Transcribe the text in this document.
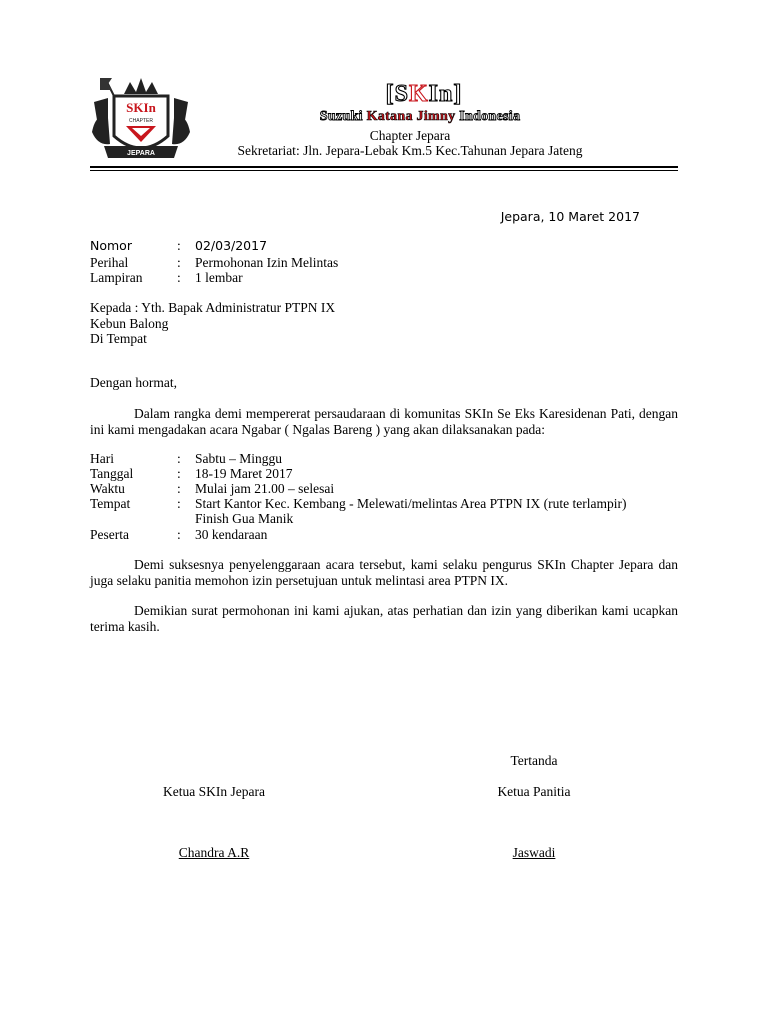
SKIn
CHAPTER
JEPARA
[SKIn]
Suzuki Katana Jimny Indonesia
Chapter Jepara
Sekretariat: Jln. Jepara-Lebak Km.5 Kec.Tahunan Jepara Jateng
Jepara, 10 Maret 2017
Nomor	:	02/03/2017
Perihal	:	Permohonan Izin Melintas
Lampiran	:	1 lembar
Kepada : Yth. Bapak Administratur PTPN IX
Kebun Balong
Di Tempat
Dengan hormat,
Dalam rangka demi mempererat persaudaraan di komunitas SKIn Se Eks Karesidenan Pati, dengan ini kami mengadakan acara Ngabar ( Ngalas Bareng ) yang akan dilaksanakan pada:
Hari	:	Sabtu – Minggu
Tanggal	:	18-19 Maret 2017
Waktu	:	Mulai jam 21.00 – selesai
Tempat	:	Start Kantor Kec. Kembang - Melewati/melintas Area PTPN IX (rute terlampir)
Finish Gua Manik
Peserta	:	30 kendaraan
Demi suksesnya penyelenggaraan acara tersebut, kami selaku pengurus SKIn Chapter Jepara dan juga selaku panitia memohon izin persetujuan untuk melintasi area PTPN IX.
Demikian surat permohonan ini kami ajukan, atas perhatian dan izin yang diberikan kami ucapkan terima kasih.
Tertanda
Ketua SKIn Jepara	Ketua Panitia
Chandra A.R	Jaswadi
